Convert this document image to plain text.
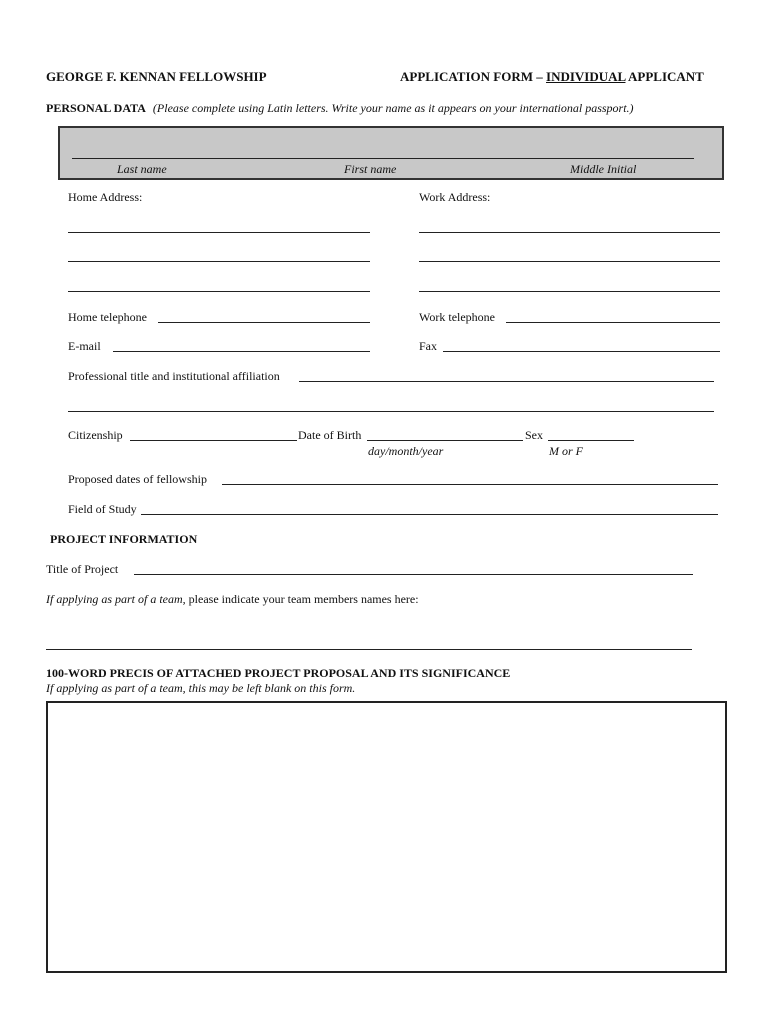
GEORGE F. KENNAN FELLOWSHIP	APPLICATION FORM – INDIVIDUAL APPLICANT
PERSONAL DATA (Please complete using Latin letters. Write your name as it appears on your international passport.)
Last name	First name	Middle Initial
Home Address:	Work Address:
Home telephone	Work telephone
E-mail	Fax
Professional title and institutional affiliation
Citizenship	Date of Birth	Sex
day/month/year	M or F
Proposed dates of fellowship
Field of Study
PROJECT INFORMATION
Title of Project
If applying as part of a team, please indicate your team members names here:
100-WORD PRECIS OF ATTACHED PROJECT PROPOSAL AND ITS SIGNIFICANCE
If applying as part of a team, this may be left blank on this form.
